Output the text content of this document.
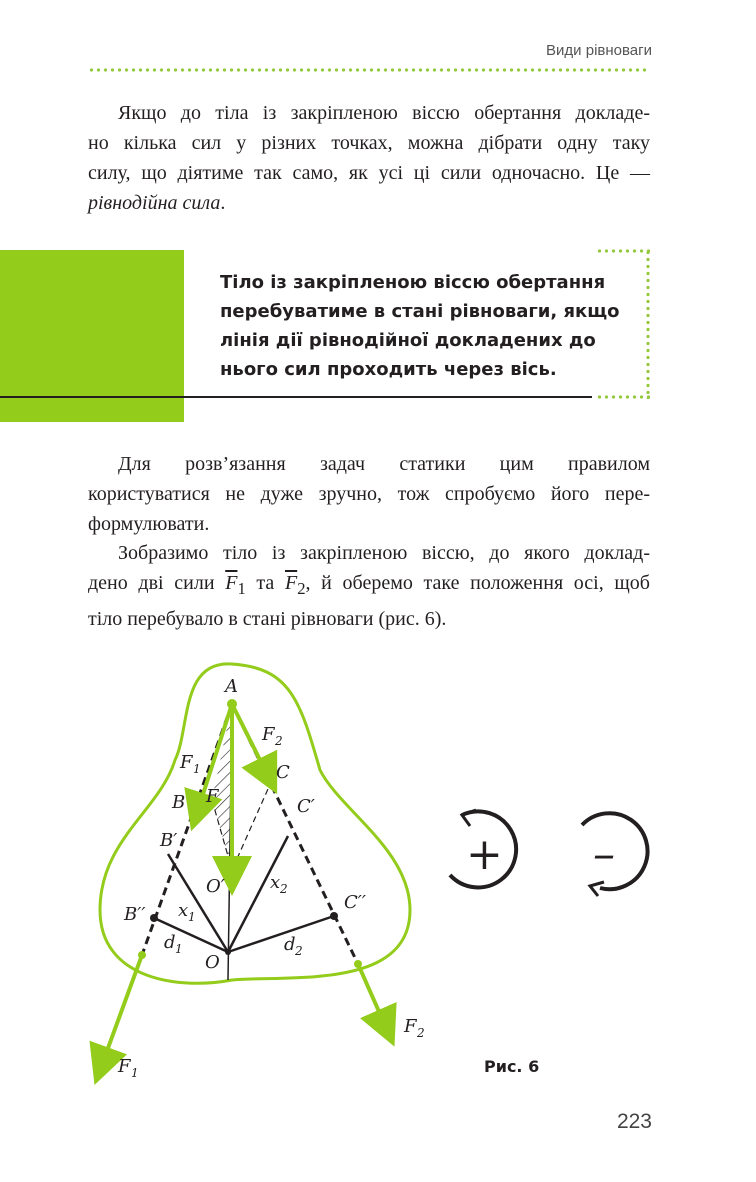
Види рівноваги
Якщо до тіла із закріпленою віссю обертання докладе-
но кілька сил у різних точках, можна дібрати одну таку
силу, що діятиме так само, як усі ці сили одночасно. Це —
рівнодійна сила.
Тіло із закріпленою віссю обертання
перебуватиме в стані рівноваги, якщо
лінія дії рівнодійної докладених до
нього сил проходить через вісь.
Для розв’язання задач статики цим правилом
користуватися не дуже зручно, тож спробуємо його пере-
формулювати.
Зобразимо тіло із закріпленою віссю, до якого доклад-
дено дві сили $\overline{F}_1$ та $\overline{F}_2$, й оберемо таке положення осі, щоб
тіло перебувало в стані рівноваги (рис. 6).
A
B
C
B′
C′
B′′
C′′
O
O′
F 1
F 2
F
F 1
F 2
x 1
x 2
d 1	d 2
+ –
Рис. 6
223
